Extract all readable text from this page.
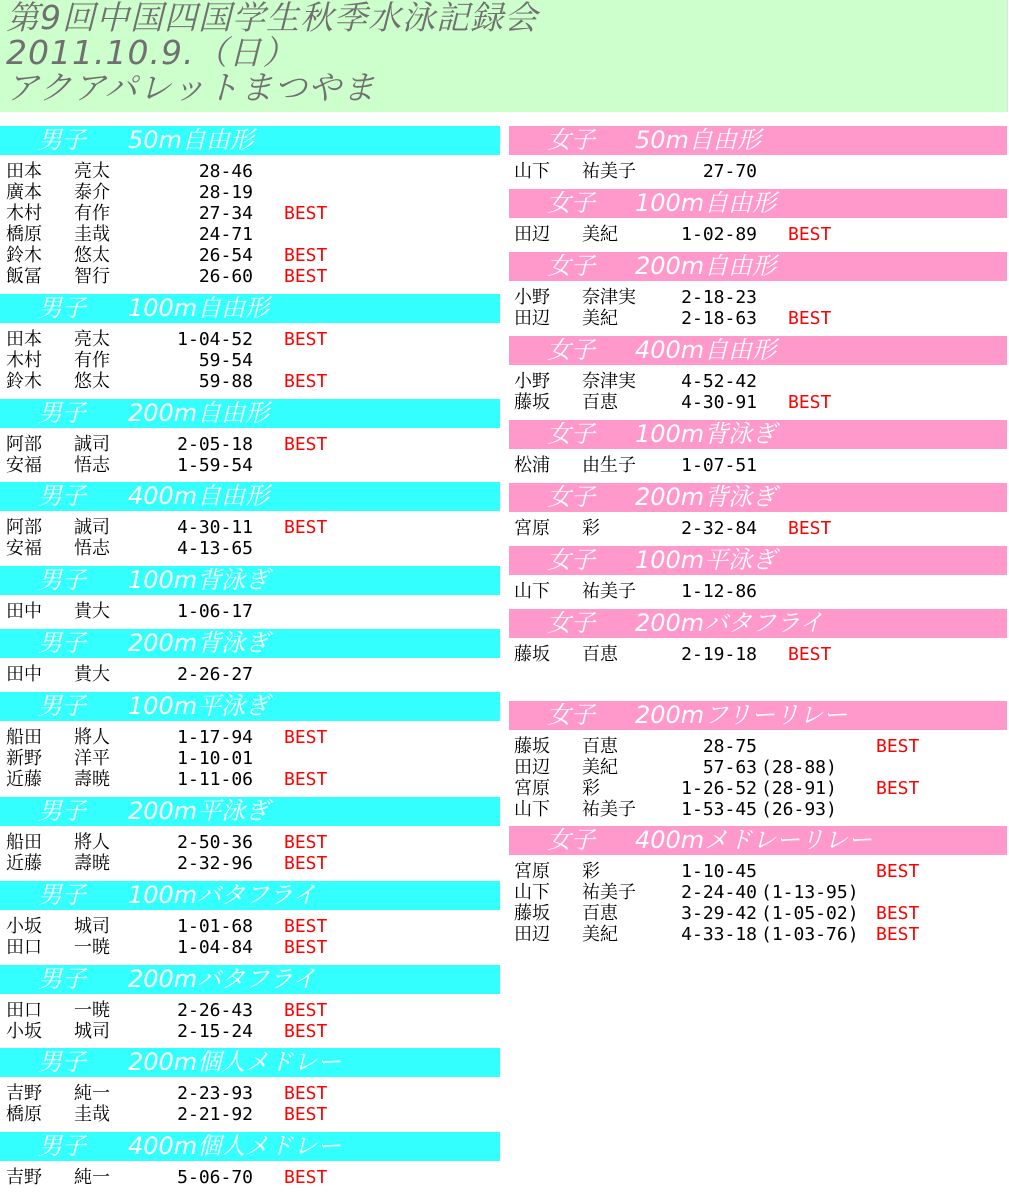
第9回中国四国学生秋季水泳記録会
2011.10.9.（日）
アクアパレットまつやま
男子 50m自由形
田本 亮太	28-46
廣本 泰介	28-19
木村 有作	27-34 BEST
橋原 圭哉	24-71
鈴木 悠太	26-54 BEST
飯冨 智行	26-60 BEST
男子 100m自由形
田本 亮太	1-04-52 BEST
木村 有作	59-54
鈴木 悠太	59-88 BEST
男子 200m自由形
阿部 誠司	2-05-18 BEST
安福 悟志	1-59-54
男子 400m自由形
阿部 誠司	4-30-11 BEST
安福 悟志	4-13-65
男子 100m背泳ぎ
田中 貴大	1-06-17
男子 200m背泳ぎ
田中 貴大	2-26-27
男子 100m平泳ぎ
船田 將人	1-17-94 BEST
新野 洋平	1-10-01
近藤 壽暁	1-11-06 BEST
男子 200m平泳ぎ
船田 將人	2-50-36 BEST
近藤 壽暁	2-32-96 BEST
男子 100mバタフライ
小坂 城司	1-01-68 BEST
田口 一暁	1-04-84 BEST
男子 200mバタフライ
田口 一暁	2-26-43 BEST
小坂 城司	2-15-24 BEST
男子 200m個人メドレー
吉野 純一	2-23-93 BEST
橋原 圭哉	2-21-92 BEST
男子 400m個人メドレー
吉野 純一	5-06-70 BEST
女子 50m自由形
山下 祐美子	27-70
女子 100m自由形
田辺 美紀	1-02-89 BEST
女子 200m自由形
小野 奈津実	2-18-23
田辺 美紀	2-18-63 BEST
女子 400m自由形
小野 奈津実	4-52-42
藤坂 百恵	4-30-91 BEST
女子 100m背泳ぎ
松浦 由生子	1-07-51
女子 200m背泳ぎ
宮原 彩	2-32-84 BEST
女子 100m平泳ぎ
山下 祐美子	1-12-86
女子 200mバタフライ
藤坂 百恵	2-19-18 BEST
女子 200mフリーリレー
藤坂 百恵	28-75	BEST
田辺 美紀	57-63 (28-88)
宮原 彩	1-26-52 (28-91) BEST
山下 祐美子	1-53-45 (26-93)
女子 400mメドレーリレー
宮原 彩	1-10-45	BEST
山下 祐美子	2-24-40 (1-13-95)
藤坂 百恵	3-29-42 (1-05-02) BEST
田辺 美紀	4-33-18 (1-03-76) BEST
